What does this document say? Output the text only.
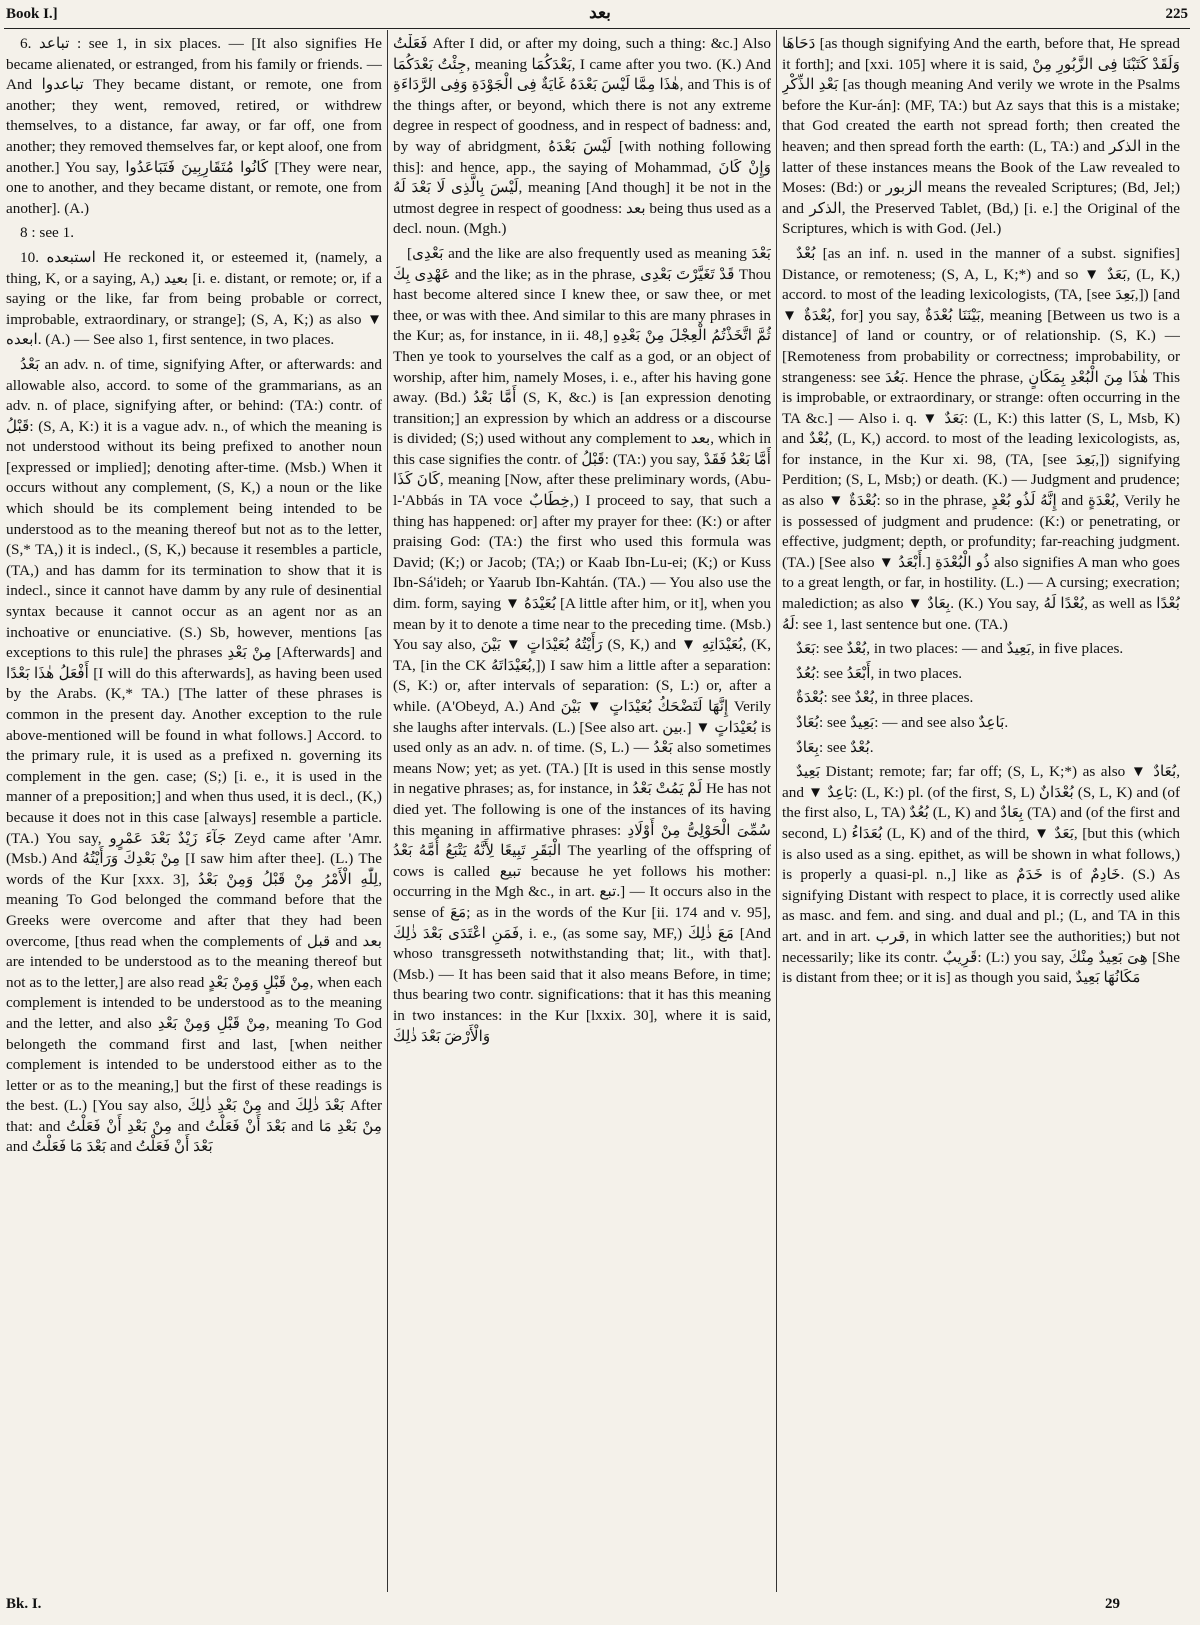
Book I.]	بعد	225

6. تباعد : see 1, in six places. — [It also signifies He became alienated, or estranged, from his family or friends. — And تباعدوا They became distant, or remote, one from another; they went, removed, retired, or withdrew themselves, to a distance, far away, or far off, one from another; they removed themselves far, or kept aloof, one from another.] You say, كَانُوا مُتَقَارِبِينَ فَتَبَاعَدُوا [They were near, one to another, and they became distant, or remote, one from another]. (A.)

8 : see 1.

10. استبعده He reckoned it, or esteemed it, (namely, a thing, K, or a saying, A,) بعيد [i. e. distant, or remote; or, if a saying or the like, far from being probable or correct, improbable, extraordinary, or strange]; (S, A, K;) as also ▼ ابعده. (A.) — See also 1, first sentence, in two places.

بَعْدُ an adv. n. of time, signifying After, or afterwards: and allowable also, accord. to some of the grammarians, as an adv. n. of place, signifying after, or behind: (TA:) contr. of قَبْلُ: (S, A, K:) it is a vague adv. n., of which the meaning is not understood without its being prefixed to another noun [expressed or implied]; denoting after-time. (Msb.) When it occurs without any complement, (S, K,) a noun or the like which should be its complement being intended to be understood as to the meaning thereof but not as to the letter, (S,* TA,) it is indecl., (S, K,) because it resembles a particle, (TA,) and has damm for its termination to show that it is indecl., since it cannot have damm by any rule of desinential syntax because it cannot occur as an agent nor as an inchoative or enunciative. (S.) Sb, however, mentions [as exceptions to this rule] the phrases مِنْ بَعْدِ [Afterwards] and أَفْعَلُ هٰذَا بَعْدًا [I will do this afterwards], as having been used by the Arabs. (K,* TA.) [The latter of these phrases is common in the present day. Another exception to the rule above-mentioned will be found in what follows.] Accord. to the primary rule, it is used as a prefixed n. governing its complement in the gen. case; (S;) [i. e., it is used in the manner of a preposition;] and when thus used, it is decl., (K,) because it does not in this case [always] resemble a particle. (TA.) You say, جَآءَ زَيْدٌ بَعْدَ عَمْرٍو Zeyd came after 'Amr. (Msb.) And مِنْ بَعْدِكَ وَرَأَيْتُهُ [I saw him after thee]. (L.) The words of the Kur [xxx. 3], لِلّٰهِ الْأَمْرُ مِنْ قَبْلُ وَمِنْ بَعْدُ, meaning To God belonged the command before that the Greeks were overcome and after that they had been overcome, [thus read when the complements of قبل and بعد are intended to be understood as to the meaning thereof but not as to the letter,] are also read مِنْ قَبْلٍ وَمِنْ بَعْدٍ, when each complement is intended to be understood as to the meaning and the letter, and also مِنْ قَبْلِ وَمِنْ بَعْدِ, meaning To God belongeth the command first and last, [when neither complement is intended to be understood either as to the letter or as to the meaning,] but the first of these readings is the best. (L.) [You say also, مِنْ بَعْدِ ذٰلِكَ and بَعْدَ ذٰلِكَ After that: and مِنْ بَعْدِ أَنْ فَعَلْتُ and بَعْدَ أَنْ فَعَلْتُ and مِنْ بَعْدِ مَا and بَعْدَ مَا فَعَلْتُ and بَعْدَ أَنْ فَعَلْتُ

فَعَلْتُ After I did, or after my doing, such a thing: &c.] Also جِئْتُ بَعْدَكُمَا, meaning بَعْدَكُمَا, I came after you two. (K.) And هٰذَا مِمَّا لَيْسَ بَعْدَهُ غَايَةٌ فِى الْجَوْدَةِ وَفِى الرَّدَاءَةِ, and This is of the things after, or beyond, which there is not any extreme degree in respect of goodness, and in respect of badness: and, by way of abridgment, لَيْسَ بَعْدَهُ [with nothing following this]: and hence, app., the saying of Mohammad, وَإِنْ كَانَ لَيْسَ بِالَّذِى لَا بَعْدَ لَهُ, meaning [And though] it be not in the utmost degree in respect of goodness: بعد being thus used as a decl. noun. (Mgh.)

[بَعْدِى and the like are also frequently used as meaning بَعْدَ عَهْدِى بِكَ and the like; as in the phrase, قَدْ تَغَيَّرْتَ بَعْدِى Thou hast become altered since I knew thee, or saw thee, or met thee, or was with thee. And similar to this are many phrases in the Kur; as, for instance, in ii. 48,] ثُمَّ اتَّخَذْتُمُ الْعِجْلَ مِنْ بَعْدِهِ Then ye took to yourselves the calf as a god, or an object of worship, after him, namely Moses, i. e., after his having gone away. (Bd.) أَمَّا بَعْدُ (S, K, &c.) is [an expression denoting transition;] an expression by which an address or a discourse is divided; (S;) used without any complement to بعد, which in this case signifies the contr. of قَبْلُ: (TA:) you say, أَمَّا بَعْدُ فَقَدْ كَانَ كَذَا, meaning [Now, after these preliminary words, (Abu-l-'Abbás in TA voce خِطَابٌ,) I proceed to say, that such a thing has happened: or] after my prayer for thee: (K:) or after praising God: (TA:) the first who used this formula was David; (K;) or Jacob; (TA;) or Kaab Ibn-Lu-ei; (K;) or Kuss Ibn-Sá'ideh; or Yaarub Ibn-Kahtán. (TA.) — You also use the dim. form, saying ▼ بُعَيْدَهُ [A little after him, or it], when you mean by it to denote a time near to the preceding time. (Msb.) You say also, رَأَيْتُهُ بُعَيْدَاتٍ ▼ بَيْنَ (S, K,) and ▼ بُعَيْدَاتِهِ, (K, TA, [in the CK بُعَيْدَاتَهُ,]) I saw him a little after a separation: (S, K:) or, after intervals of separation: (S, L:) or, after a while. (A'Obeyd, A.) And إِنَّهَا لَتَضْحَكُ بُعَيْدَاتٍ ▼ بَيْنَ Verily she laughs after intervals. (L.) [See also art. بين.] ▼ بُعَيْدَاتٍ is used only as an adv. n. of time. (S, L.) — بَعْدُ also sometimes means Now; yet; as yet. (TA.) [It is used in this sense mostly in negative phrases; as, for instance, in لَمْ يَمُتْ بَعْدُ He has not died yet. The following is one of the instances of its having this meaning in affirmative phrases: سُمِّىَ الْحَوْلِىُّ مِنْ أَوْلَادِ الْبَقَرِ تَبِيعًا لِأَنَّهُ يَتْبَعُ أُمَّهُ بَعْدُ The yearling of the offspring of cows is called تبيع because he yet follows his mother: occurring in the Mgh &c., in art. تبع.] — It occurs also in the sense of مَعَ; as in the words of the Kur [ii. 174 and v. 95], فَمَنِ اعْتَدَى بَعْدَ ذٰلِكَ, i. e., (as some say, MF,) مَعَ ذٰلِكَ [And whoso transgresseth notwithstanding that; lit., with that]. (Msb.) — It has been said that it also means Before, in time; thus bearing two contr. significations: that it has this meaning in two instances: in the Kur [lxxix. 30], where it is said, وَالْأَرْضَ بَعْدَ ذٰلِكَ

دَحَاهَا [as though signifying And the earth, before that, He spread it forth]; and [xxi. 105] where it is said, وَلَقَدْ كَتَبْنَا فِى الزَّبُورِ مِنْ بَعْدِ الذِّكْرِ [as though meaning And verily we wrote in the Psalms before the Kur-án]: (MF, TA:) but Az says that this is a mistake; that God created the earth not spread forth; then created the heaven; and then spread forth the earth: (L, TA:) and الذكر in the latter of these instances means the Book of the Law revealed to Moses: (Bd:) or الزبور means the revealed Scriptures; (Bd, Jel;) and الذكر, the Preserved Tablet, (Bd,) [i. e.] the Original of the Scriptures, which is with God. (Jel.)

بُعْدٌ [as an inf. n. used in the manner of a subst. signifies] Distance, or remoteness; (S, A, L, K;*) and so ▼ بَعَدٌ, (L, K,) accord. to most of the leading lexicologists, (TA, [see بَعِدَ,]) [and ▼ بُعْدَةٌ, for] you say, بَيْنَنَا بُعْدَةٌ, meaning [Between us two is a distance] of land or country, or of relationship. (S, K.) — [Remoteness from probability or correctness; improbability, or strangeness: see بَعُدَ. Hence the phrase, هٰذَا مِنَ الْبُعْدِ بِمَكَانٍ This is improbable, or extraordinary, or strange: often occurring in the TA &c.] — Also i. q. ▼ بَعَدٌ: (L, K:) this latter (S, L, Msb, K) and بُعْدٌ, (L, K,) accord. to most of the leading lexicologists, as, for instance, in the Kur xi. 98, (TA, [see بَعِدَ,]) signifying Perdition; (S, L, Msb;) or death. (K.) — Judgment and prudence; as also ▼ بُعْدَةٌ: so in the phrase, إِنَّهُ لَذُو بُعْدٍ and بُعْدَةٍ, Verily he is possessed of judgment and prudence: (K:) or penetrating, or effective, judgment; depth, or profundity; far-reaching judgment. (TA.) [See also ▼ أَبْعَدُ.] ذُو الْبُعْدَةِ also signifies A man who goes to a great length, or far, in hostility. (L.) — A cursing; execration; malediction; as also ▼ بِعَادٌ. (K.) You say, بُعْدًا لَهُ, as well as بُعْدًا لَهُ: see 1, last sentence but one. (TA.)

بَعَدٌ: see بُعْدٌ, in two places: — and بَعِيدٌ, in five places.

بُعُدٌ: see أَبْعَدُ, in two places.

بُعْدَةٌ: see بُعْدٌ, in three places.

بُعَادٌ: see بَعِيدٌ: — and see also بَاعِدٌ.

بِعَادٌ: see بُعْدٌ.

بَعِيدٌ Distant; remote; far; far off; (S, L, K;*) as also ▼ بُعَادٌ, and ▼ بَاعِدٌ: (L, K:) pl. (of the first, S, L) بُعْدَانٌ (S, L, K) and (of the first also, L, TA) بُعُدٌ (L, K) and بِعَادٌ (TA) and (of the first and second, L) بُعَدَاءُ (L, K) and of the third, ▼ بَعَدٌ, [but this (which is also used as a sing. epithet, as will be shown in what follows,) is properly a quasi-pl. n.,] like as خَدَمٌ is of خَادِمٌ. (S.) As signifying Distant with respect to place, it is correctly used alike as masc. and fem. and sing. and dual and pl.; (L, and TA in this art. and in art. قرب, in which latter see the authorities;) but not necessarily; like its contr. قَرِيبٌ: (L:) you say, هِىَ بَعِيدٌ مِنْكَ [She is distant from thee; or it is] as though you said, مَكَانُهَا بَعِيدٌ

Bk. I.	29
